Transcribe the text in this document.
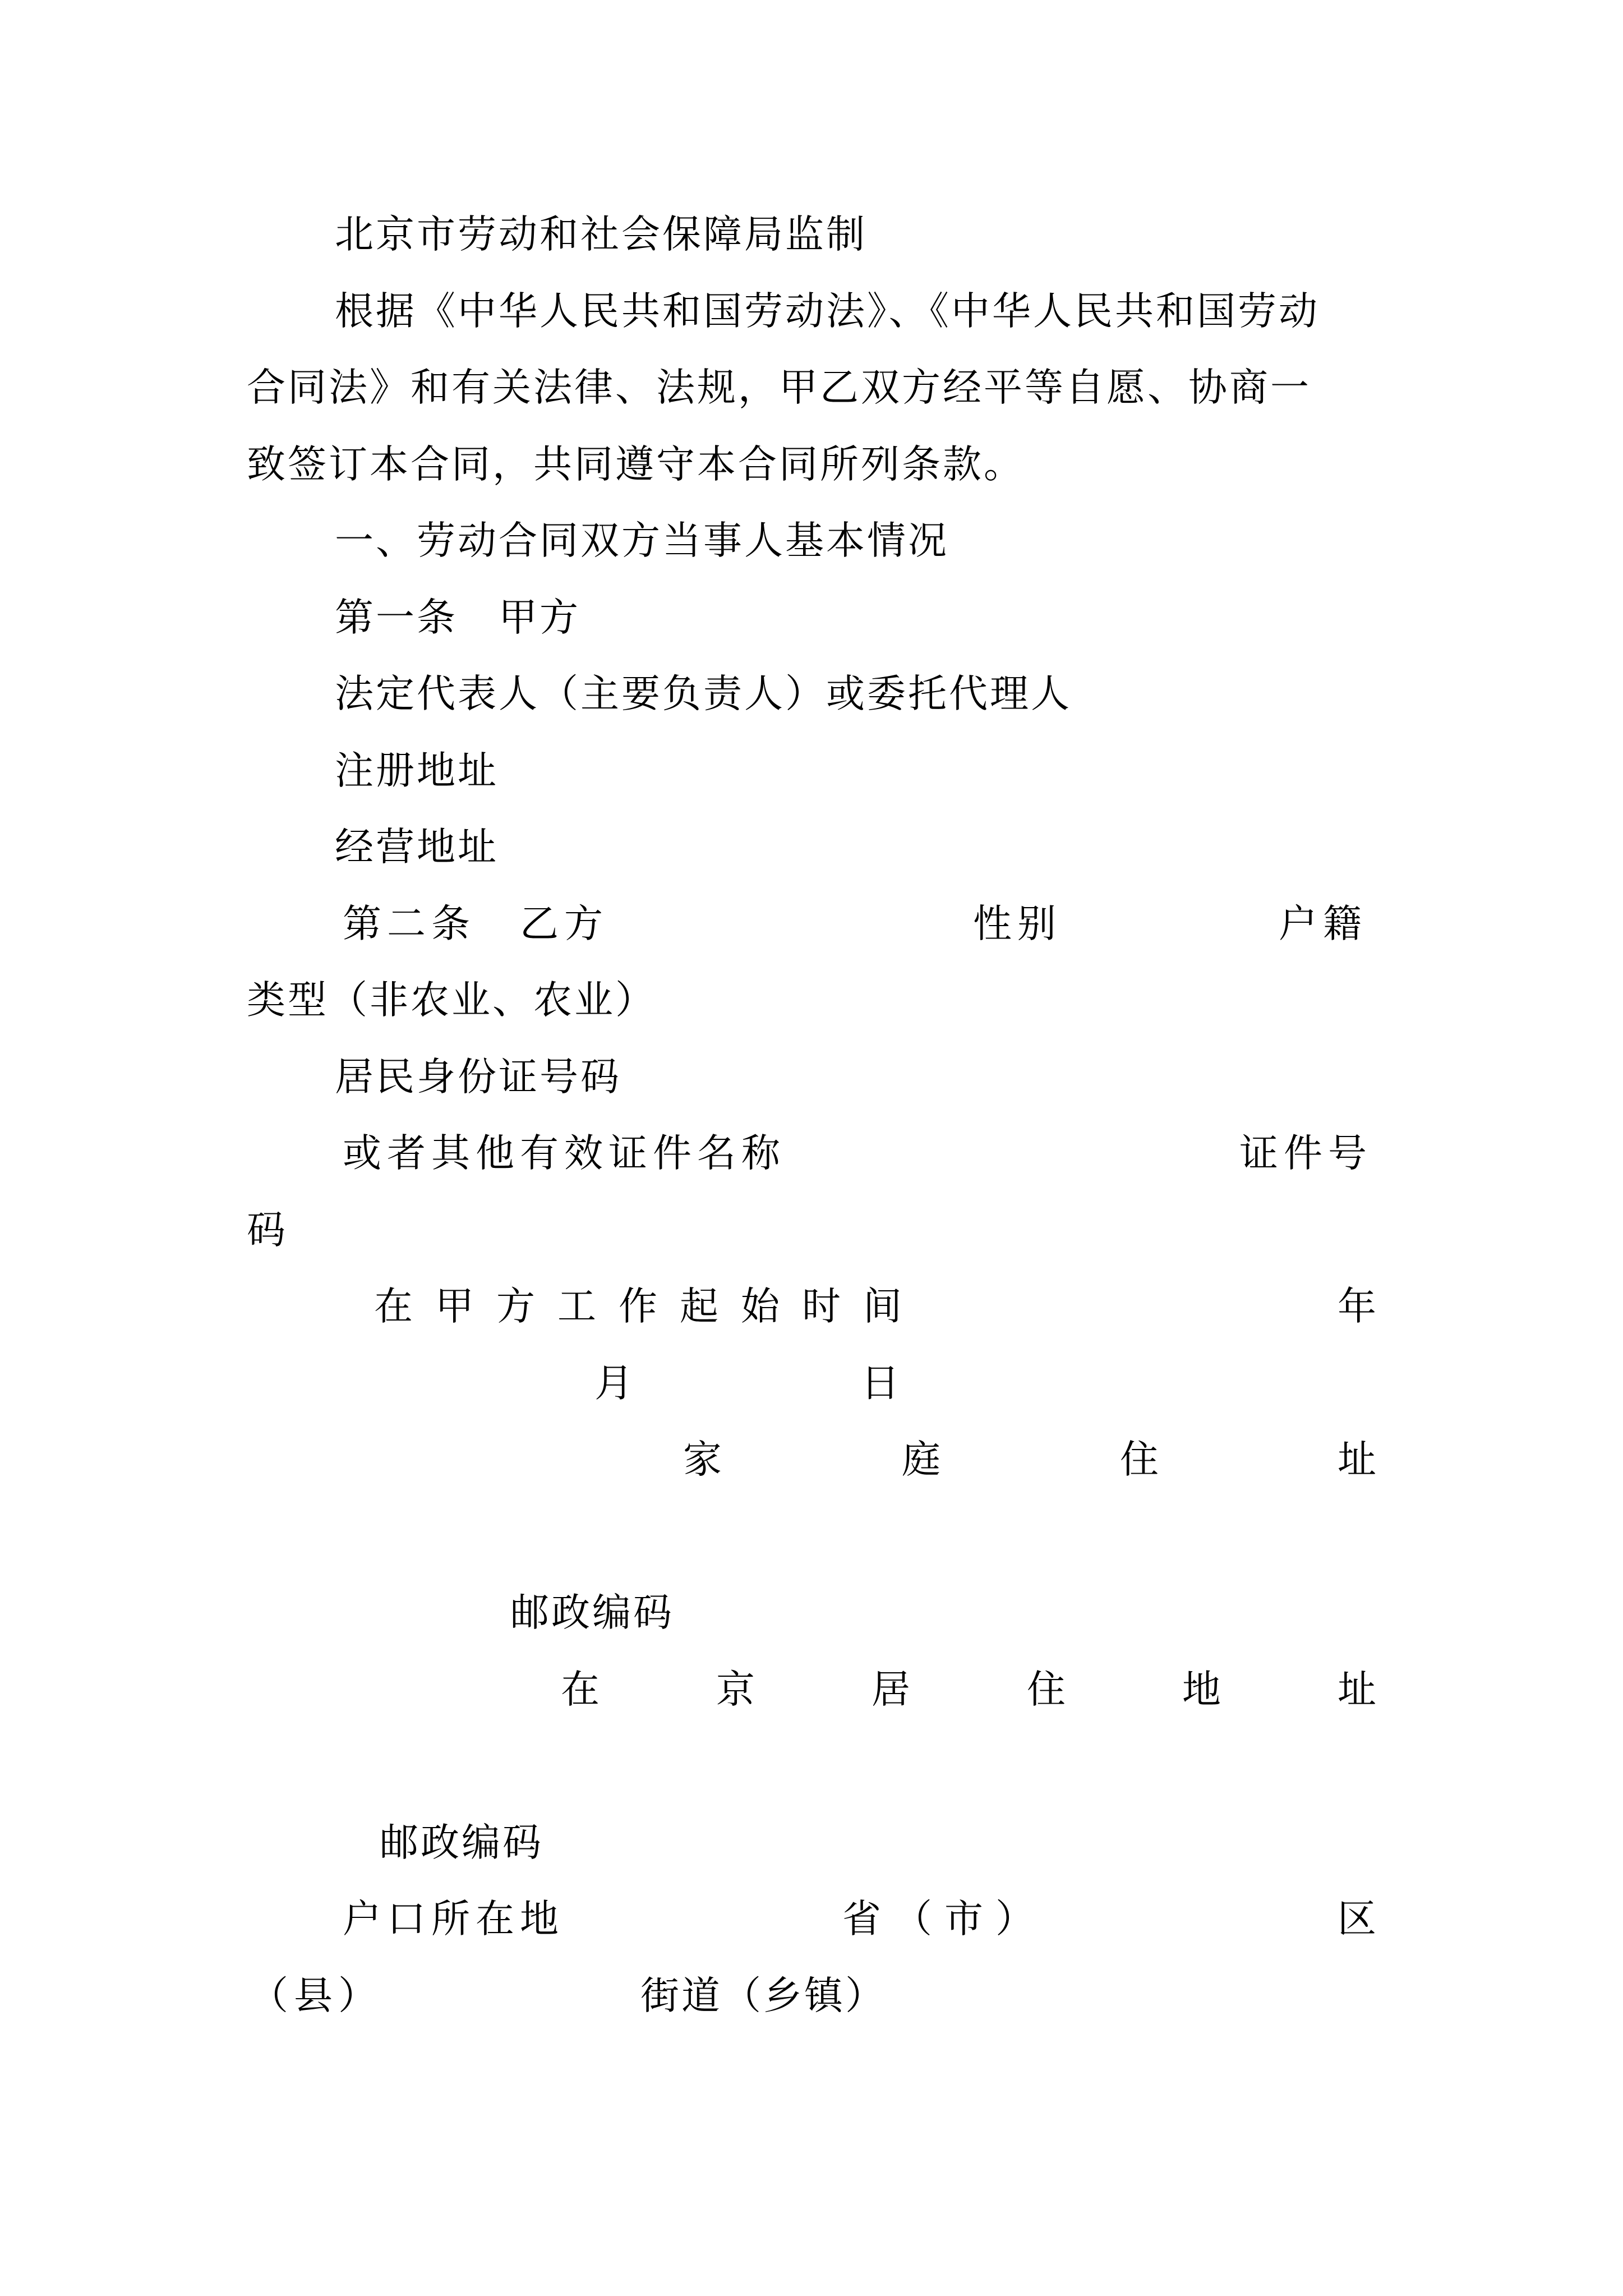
北京市劳动和社会保障局监制
根据《中华人民共和国劳动法》、《中华人民共和国劳动
合同法》和有关法律、法规，甲乙双方经平等自愿、协商一
致签订本合同，共同遵守本合同所列条款。
一、劳动合同双方当事人基本情况
第一条　甲方
法定代表人（主要负责人）或委托代理人
注册地址
经营地址
第二条　乙方	性别	户籍
类型（非农业、农业）
居民身份证号码
或者其他有效证件名称	证件号
码
在 甲 方 工 作 起 始 时 间	年
月	日
家	庭	住	址
邮政编码
在	京	居	住	地	址
邮政编码
户口所在地	省（市）	区
（县）	街道（乡镇）
